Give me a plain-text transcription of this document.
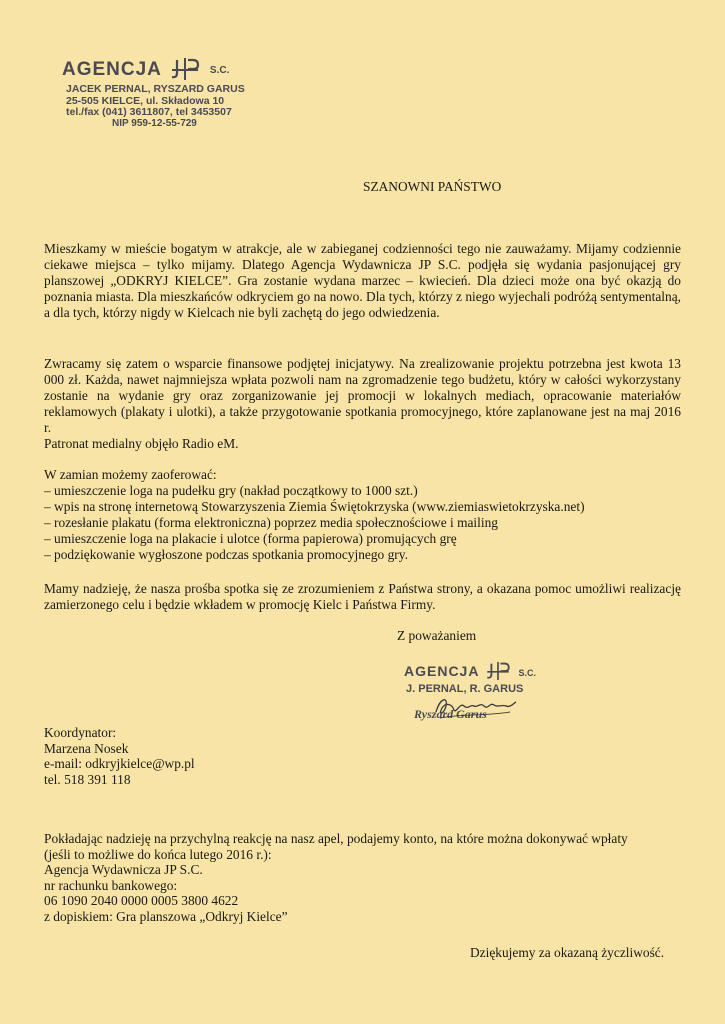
AGENCJA	S.C.
JACEK PERNAL, RYSZARD GARUS
25-505 KIELCE, ul. Składowa 10
tel./fax (041) 3611807, tel 3453507
NIP 959-12-55-729
SZANOWNI PAŃSTWO
Mieszkamy w mieście bogatym w atrakcje, ale w zabieganej codzienności tego nie zauważamy. Mijamy codziennie ciekawe miejsca – tylko mijamy. Dlatego Agencja Wydawnicza JP S.C. podjęła się wydania pasjonującej gry planszowej „ODKRYJ KIELCE”. Gra zostanie wydana marzec – kwiecień. Dla dzieci może ona być okazją do poznania miasta. Dla mieszkańców odkryciem go na nowo. Dla tych, którzy z niego wyjechali podróżą sentymentalną, a dla tych, którzy nigdy w Kielcach nie byli zachętą do jego odwiedzenia.
Zwracamy się zatem o wsparcie finansowe podjętej inicjatywy. Na zrealizowanie projektu potrzebna jest kwota 13 000 zł. Każda, nawet najmniejsza wpłata pozwoli nam na zgromadzenie tego budżetu, który w całości wykorzystany zostanie na wydanie gry oraz zorganizowanie jej promocji w lokalnych mediach, opracowanie materiałów reklamowych (plakaty i ulotki), a także przygotowanie spotkania promocyjnego, które zaplanowane jest na maj 2016 r.
Patronat medialny objęło Radio eM.
W zamian możemy zaoferować:
– umieszczenie loga na pudełku gry (nakład początkowy to 1000 szt.)
– wpis na stronę internetową Stowarzyszenia Ziemia Świętokrzyska (www.ziemiaswietokrzyska.net)
– rozesłanie plakatu (forma elektroniczna) poprzez media społecznościowe i mailing
– umieszczenie loga na plakacie i ulotce (forma papierowa) promujących grę
– podziękowanie wygłoszone podczas spotkania promocyjnego gry.
Mamy nadzieję, że nasza prośba spotka się ze zrozumieniem z Państwa strony, a okazana pomoc umożliwi realizację zamierzonego celu i będzie wkładem w promocję Kielc i Państwa Firmy.
Z poważaniem
AGENCJA	S.C.
J. PERNAL, R. GARUS
Ryszard Garus
Koordynator:
Marzena Nosek
e-mail: odkryjkielce@wp.pl
tel. 518 391 118
Pokładając nadzieję na przychylną reakcję na nasz apel, podajemy konto, na które można dokonywać wpłaty
(jeśli to możliwe do końca lutego 2016 r.):
Agencja Wydawnicza JP S.C.
nr rachunku bankowego:
06 1090 2040 0000 0005 3800 4622
z dopiskiem: Gra planszowa „Odkryj Kielce”
Dziękujemy za okazaną życzliwość.
